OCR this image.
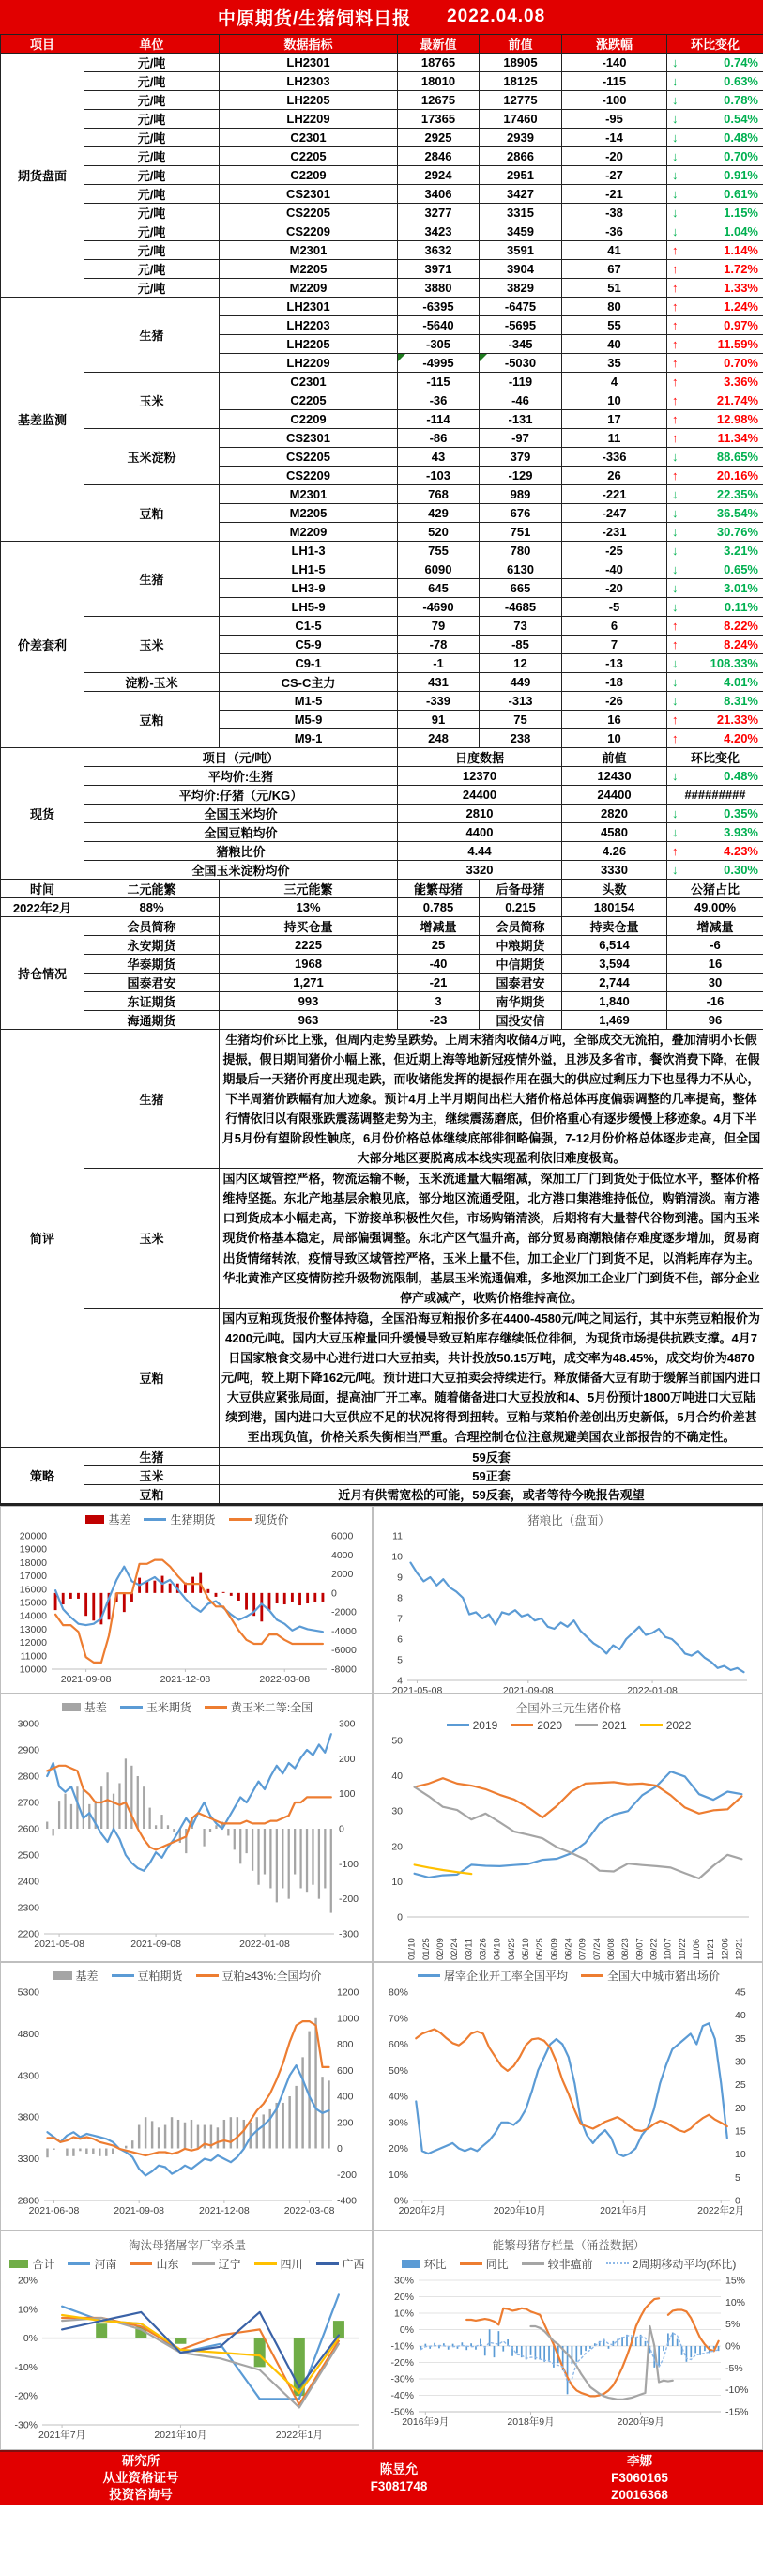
中原期货/生猪饲料日报 2022.04.08
项目	单位	数据指标	最新值	前值	涨跌幅	环比变化
期货盘面	元/吨	LH2301	18765	18905	-140	↓ 0.74%

	元/吨	LH2303	18010	18125	-115	↓ 0.63%

	元/吨	LH2205	12675	12775	-100	↓ 0.78%

	元/吨	LH2209	17365	17460	-95	↓ 0.54%

	元/吨	C2301	2925	2939	-14	↓ 0.48%

	元/吨	C2205	2846	2866	-20	↓ 0.70%

	元/吨	C2209	2924	2951	-27	↓ 0.91%

	元/吨	CS2301	3406	3427	-21	↓ 0.61%

	元/吨	CS2205	3277	3315	-38	↓ 1.15%

	元/吨	CS2209	3423	3459	-36	↓ 1.04%

	元/吨	M2301	3632	3591	41	↑ 1.14%

	元/吨	M2205	3971	3904	67	↑ 1.72%

	元/吨	M2209	3880	3829	51	↑ 1.33%

基差监测	生猪	LH2301	-6395	-6475	80	↑ 1.24%

		LH2203	-5640	-5695	55	↑ 0.97%

		LH2205	-305	-345	40	↑ 11.59%

		LH2209	-4995	-5030	35	↑ 0.70%

	玉米	C2301	-115	-119	4	↑ 3.36%

		C2205	-36	-46	10	↑ 21.74%

		C2209	-114	-131	17	↑ 12.98%

	玉米淀粉	CS2301	-86	-97	11	↑ 11.34%

		CS2205	43	379	-336	↓ 88.65%

		CS2209	-103	-129	26	↑ 20.16%

	豆粕	M2301	768	989	-221	↓ 22.35%

		M2205	429	676	-247	↓ 36.54%

		M2209	520	751	-231	↓ 30.76%

价差套利	生猪	LH1-3	755	780	-25	↓ 3.21%

		LH1-5	6090	6130	-40	↓ 0.65%

		LH3-9	645	665	-20	↓ 3.01%

		LH5-9	-4690	-4685	-5	↓ 0.11%

	玉米	C1-5	79	73	6	↑ 8.22%

		C5-9	-78	-85	7	↑ 8.24%

		C9-1	-1	12	-13	↓ 108.33%

	淀粉-玉米	CS-C主力	431	449	-18	↓ 4.01%

	豆粕	M1-5	-339	-313	-26	↓ 8.31%

		M5-9	91	75	16	↑ 21.33%

		M9-1	248	238	10	↑ 4.20%

现货	项目（元/吨）		日度数据		前值	环比变化
	平均价:生猪		12370		12430	↓ 0.48%

	平均价:仔猪（元/KG）		24400		24400	#########
	全国玉米均价		2810		2820	↓ 0.35%

	全国豆粕均价		4400		4580	↓ 3.93%

	猪粮比价		4.44		4.26	↑ 4.23%

	全国玉米淀粉均价		3320		3330	↓ 0.30%

时间	二元能繁	三元能繁	能繁母猪	后备母猪	头数	公猪占比
2022年2月	88%	13%	0.785	0.215	180154	49.00%
持仓情况	会员简称	持买仓量	增减量	会员简称	持卖仓量	增减量
	永安期货	2225	25	中粮期货	6,514	-6
	华泰期货	1968	-40	中信期货	3,594	16
	国泰君安	1,271	-21	国泰君安	2,744	30
	东证期货	993	3	南华期货	1,840	-16
	海通期货	963	-23	国投安信	1,469	96
简评	生猪	生猪均价环比上涨，但周内走势呈跌势。上周末猪肉收储4万吨，全部成交无流拍，叠加清明小长假提振，假日期间猪价小幅上涨，但近期上海等地新冠疫情外溢，且涉及多省市，餐饮消费下降，在假期最后一天猪价再度出现走跌，而收储能发挥的提振作用在强大的供应过剩压力下也显得力不从心，下半周猪价跌幅有加大迹象。预计4月上半月期间出栏大猪价格总体再度偏弱调整的几率提高，整体行情依旧以有限涨跌震荡调整走势为主，继续震荡磨底，但价格重心有逐步缓慢上移迹象。4月下半月5月份有望阶段性触底，6月份价格总体继续底部徘徊略偏强，7-12月份价格总体逐步走高，但全国大部分地区要脱离成本线实现盈利依旧难度极高。				
	玉米	国内区域管控严格，物流运输不畅，玉米流通量大幅缩减，深加工厂门到货处于低位水平，整体价格维持坚挺。东北产地基层余粮见底，部分地区流通受阻，北方港口集港维持低位，购销清淡。南方港口到货成本小幅走高，下游接单积极性欠佳，市场购销清淡，后期将有大量替代谷物到港。国内玉米现货价格基本稳定，局部偏强调整。东北产区气温升高，部分贸易商潮粮储存难度逐步增加，贸易商出货情绪转浓，疫情导致区域管控严格，玉米上量不佳，加工企业厂门到货不足，以消耗库存为主。华北黄淮产区疫情防控升级物流限制，基层玉米流通偏难，多地深加工企业厂门到货不佳，部分企业停产或减产，收购价格维持高位。				
	豆粕	国内豆粕现货报价整体持稳，全国沿海豆粕报价多在4400-4580元/吨之间运行，其中东莞豆粕报价为4200元/吨。国内大豆压榨量回升缓慢导致豆粕库存继续低位徘徊，为现货市场提供抗跌支撑。4月7日国家粮食交易中心进行进口大豆拍卖，共计投放50.15万吨，成交率为48.45%，成交均价为4870元/吨，较上期下降162元/吨。预计进口大豆拍卖会持续进行。释放储备大豆有助于缓解当前国内进口大豆供应紧张局面，提高油厂开工率。随着储备进口大豆投放和4、5月份预计1800万吨进口大豆陆续到港，国内进口大豆供应不足的状况将得到扭转。豆粕与菜粕价差创出历史新低，5月合约价差甚至出现负值，价格关系失衡相当严重。合理控制仓位注意规避美国农业部报告的不确定性。				
策略	生猪	59反套				
	玉米	59正套				
	豆粕	近月有供需宽松的可能，59反套，或者等待今晚报告观望				
基差	生猪期货	现货价
10000
11000
12000
13000
14000
15000
16000
17000
18000
19000
20000
-8000
-6000
-4000
-2000
0
2000
4000
6000
2021-09-08	2021-12-08	2022-03-08
猪粮比（盘面）
4
5
6
7
8
9
10
11
2021-05-08	2021-09-08	2022-01-08
基差	玉米期货	黄玉米二等:全国
2200
2300
2400
2500
2600
2700
2800
2900
3000
-300
-200
-100
0
100
200
300
2021-05-08	2021-09-08	2022-01-08
全国外三元生猪价格
2019	2020	2021	2022
0
10
20
30
40
50
01/10 01/25 02/09 02/24 03/11 03/26 04/10 04/25 05/10 05/25 06/09 06/24 07/09 07/24 08/08 08/23 09/07 09/22 10/07 10/22 11/06 11/21 12/06 12/21
基差	豆粕期货	豆粕≥43%:全国均价
2800
3300
3800
4300
4800
5300
-400
-200
0
200
400
600
800
1000
1200
2021-06-08	2021-09-08	2021-12-08	2022-03-08
屠宰企业开工率全国平均	全国大中城市猪出场价
0%
10%
20%
30%
40%
50%
60%
70%
80%
0
5
10
15
20
25
30
35
40
45
2020年2月	2020年10月	2021年6月	2022年2月
淘汰母猪屠宰厂宰杀量
合计	河南	山东	辽宁	四川	广西
-30%
-20%
-10%
0%
10%
20%
2021年7月	2021年10月	2022年1月
能繁母猪存栏量（涌益数据）
环比	同比	较非瘟前	2周期移动平均(环比)
-50%
-40%
-30%
-20%
-10%
0%
10%
20%
30%
-15%
-10%
-5%
0%
5%
10%
15%
2016年9月	2018年9月	2020年9月
研究所
从业资格证号
投资咨询号
陈昱允
F3081748
李娜
F3060165
Z0016368
